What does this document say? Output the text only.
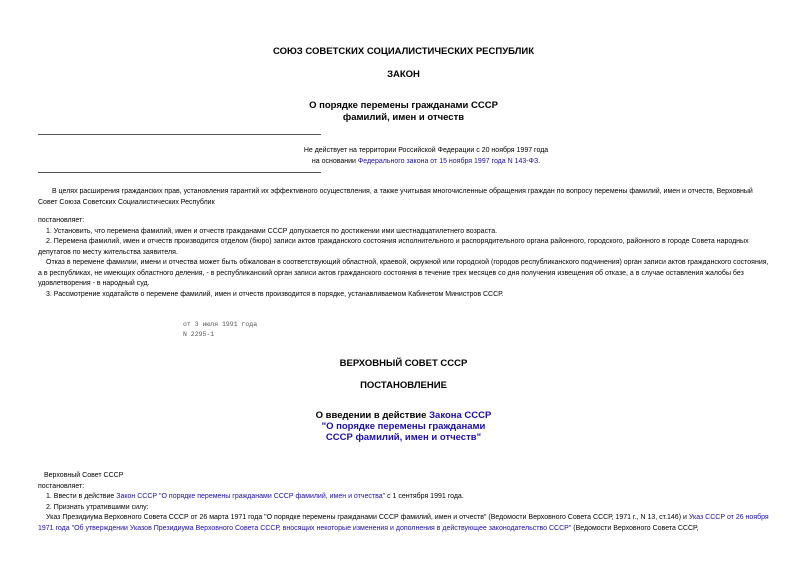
СОЮЗ СОВЕТСКИХ СОЦИАЛИСТИЧЕСКИХ РЕСПУБЛИК
ЗАКОН
О порядке перемены гражданами СССР
фамилий, имен и отчеств

Не действует на территории Российской Федерации с 20 ноября 1997 года

на основании Федерального закона от 15 ноября 1997 года N 143-ФЗ.

В целях расширения гражданских прав, установления гарантий их эффективного осуществления, а также учитывая многочисленные обращения граждан по вопросу перемены фамилий, имен и отчеств, Верховный Совет Союза Советских Социалистических Республик

постановляет:

1. Установить, что перемена фамилий, имен и отчеств гражданами СССР допускается по достижении ими шестнадцатилетнего возраста.

2. Перемена фамилий, имен и отчеств производится отделом (бюро) записи актов гражданского состояния исполнительного и распорядительного органа районного, городского, районного в городе Совета народных депутатов по месту жительства заявителя.

Отказ в перемене фамилии, имени и отчества может быть обжалован в соответствующий областной, краевой, окружной или городской (городов республиканского подчинения) орган записи актов гражданского состояния, а в республиках, не имеющих областного деления, - в республиканский орган записи актов гражданского состояния в течение трех месяцев со дня получения извещения об отказе, а в случае оставления жалобы без удовлетворения - в народный суд.

3. Рассмотрение ходатайств о перемене фамилий, имен и отчеств производится в порядке, устанавливаемом Кабинетом Министров СССР.

от 3 июля 1991 года

N 2295-1

ВЕРХОВНЫЙ СОВЕТ СССР
ПОСТАНОВЛЕНИЕ

О введении в действие Закона СССР

"О порядке перемены гражданами

СССР фамилий, имен и отчеств"

Верховный Совет СССР

постановляет:

1. Ввести в действие Закон СССР "О порядке перемены гражданами СССР фамилий, имен и отчества" с 1 сентября 1991 года.

2. Признать утратившими силу:

Указ Президиума Верховного Совета СССР от 26 марта 1971 года "О порядке перемены гражданами СССР фамилий, имен и отчеств" (Ведомости Верховного Совета СССР, 1971 г., N 13, ст.146) и Указ СССР от 26 ноября 1971 года "Об утверждении Указов Президиума Верховного Совета СССР, вносящих некоторые изменения и дополнения в действующее законодательство СССР" (Ведомости Верховного Совета СССР,
